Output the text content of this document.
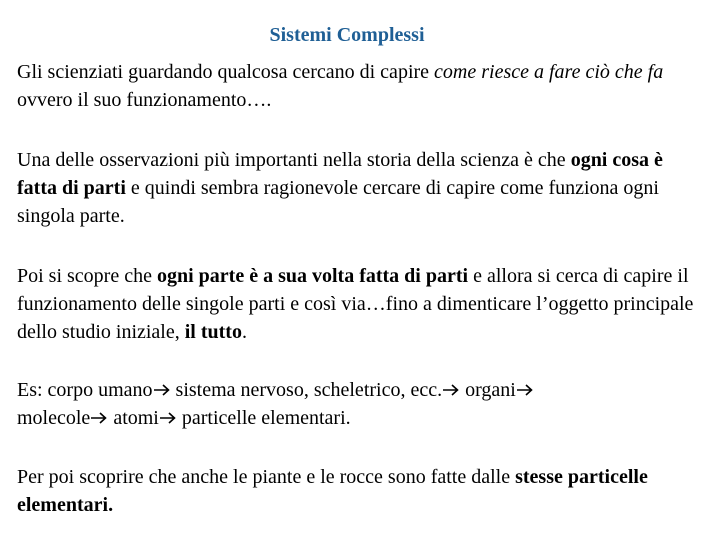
Sistemi Complessi
Gli scienziati guardando qualcosa cercano di capire come riesce a fare ciò che fa ovvero il suo funzionamento….
Una delle osservazioni più importanti nella storia della scienza è che ogni cosa è fatta di parti e quindi sembra ragionevole cercare di capire come funziona ogni singola parte.
Poi si scopre che ogni parte è a sua volta fatta di parti e allora si cerca di capire il funzionamento delle singole parti e così via…fino a dimenticare l’oggetto principale dello studio iniziale, il tutto.
Es: corpo umano sistema nervoso, scheletrico, ecc. organi
molecole atomi particelle elementari.
Per poi scoprire che anche le piante e le rocce sono fatte dalle stesse particelle elementari.
